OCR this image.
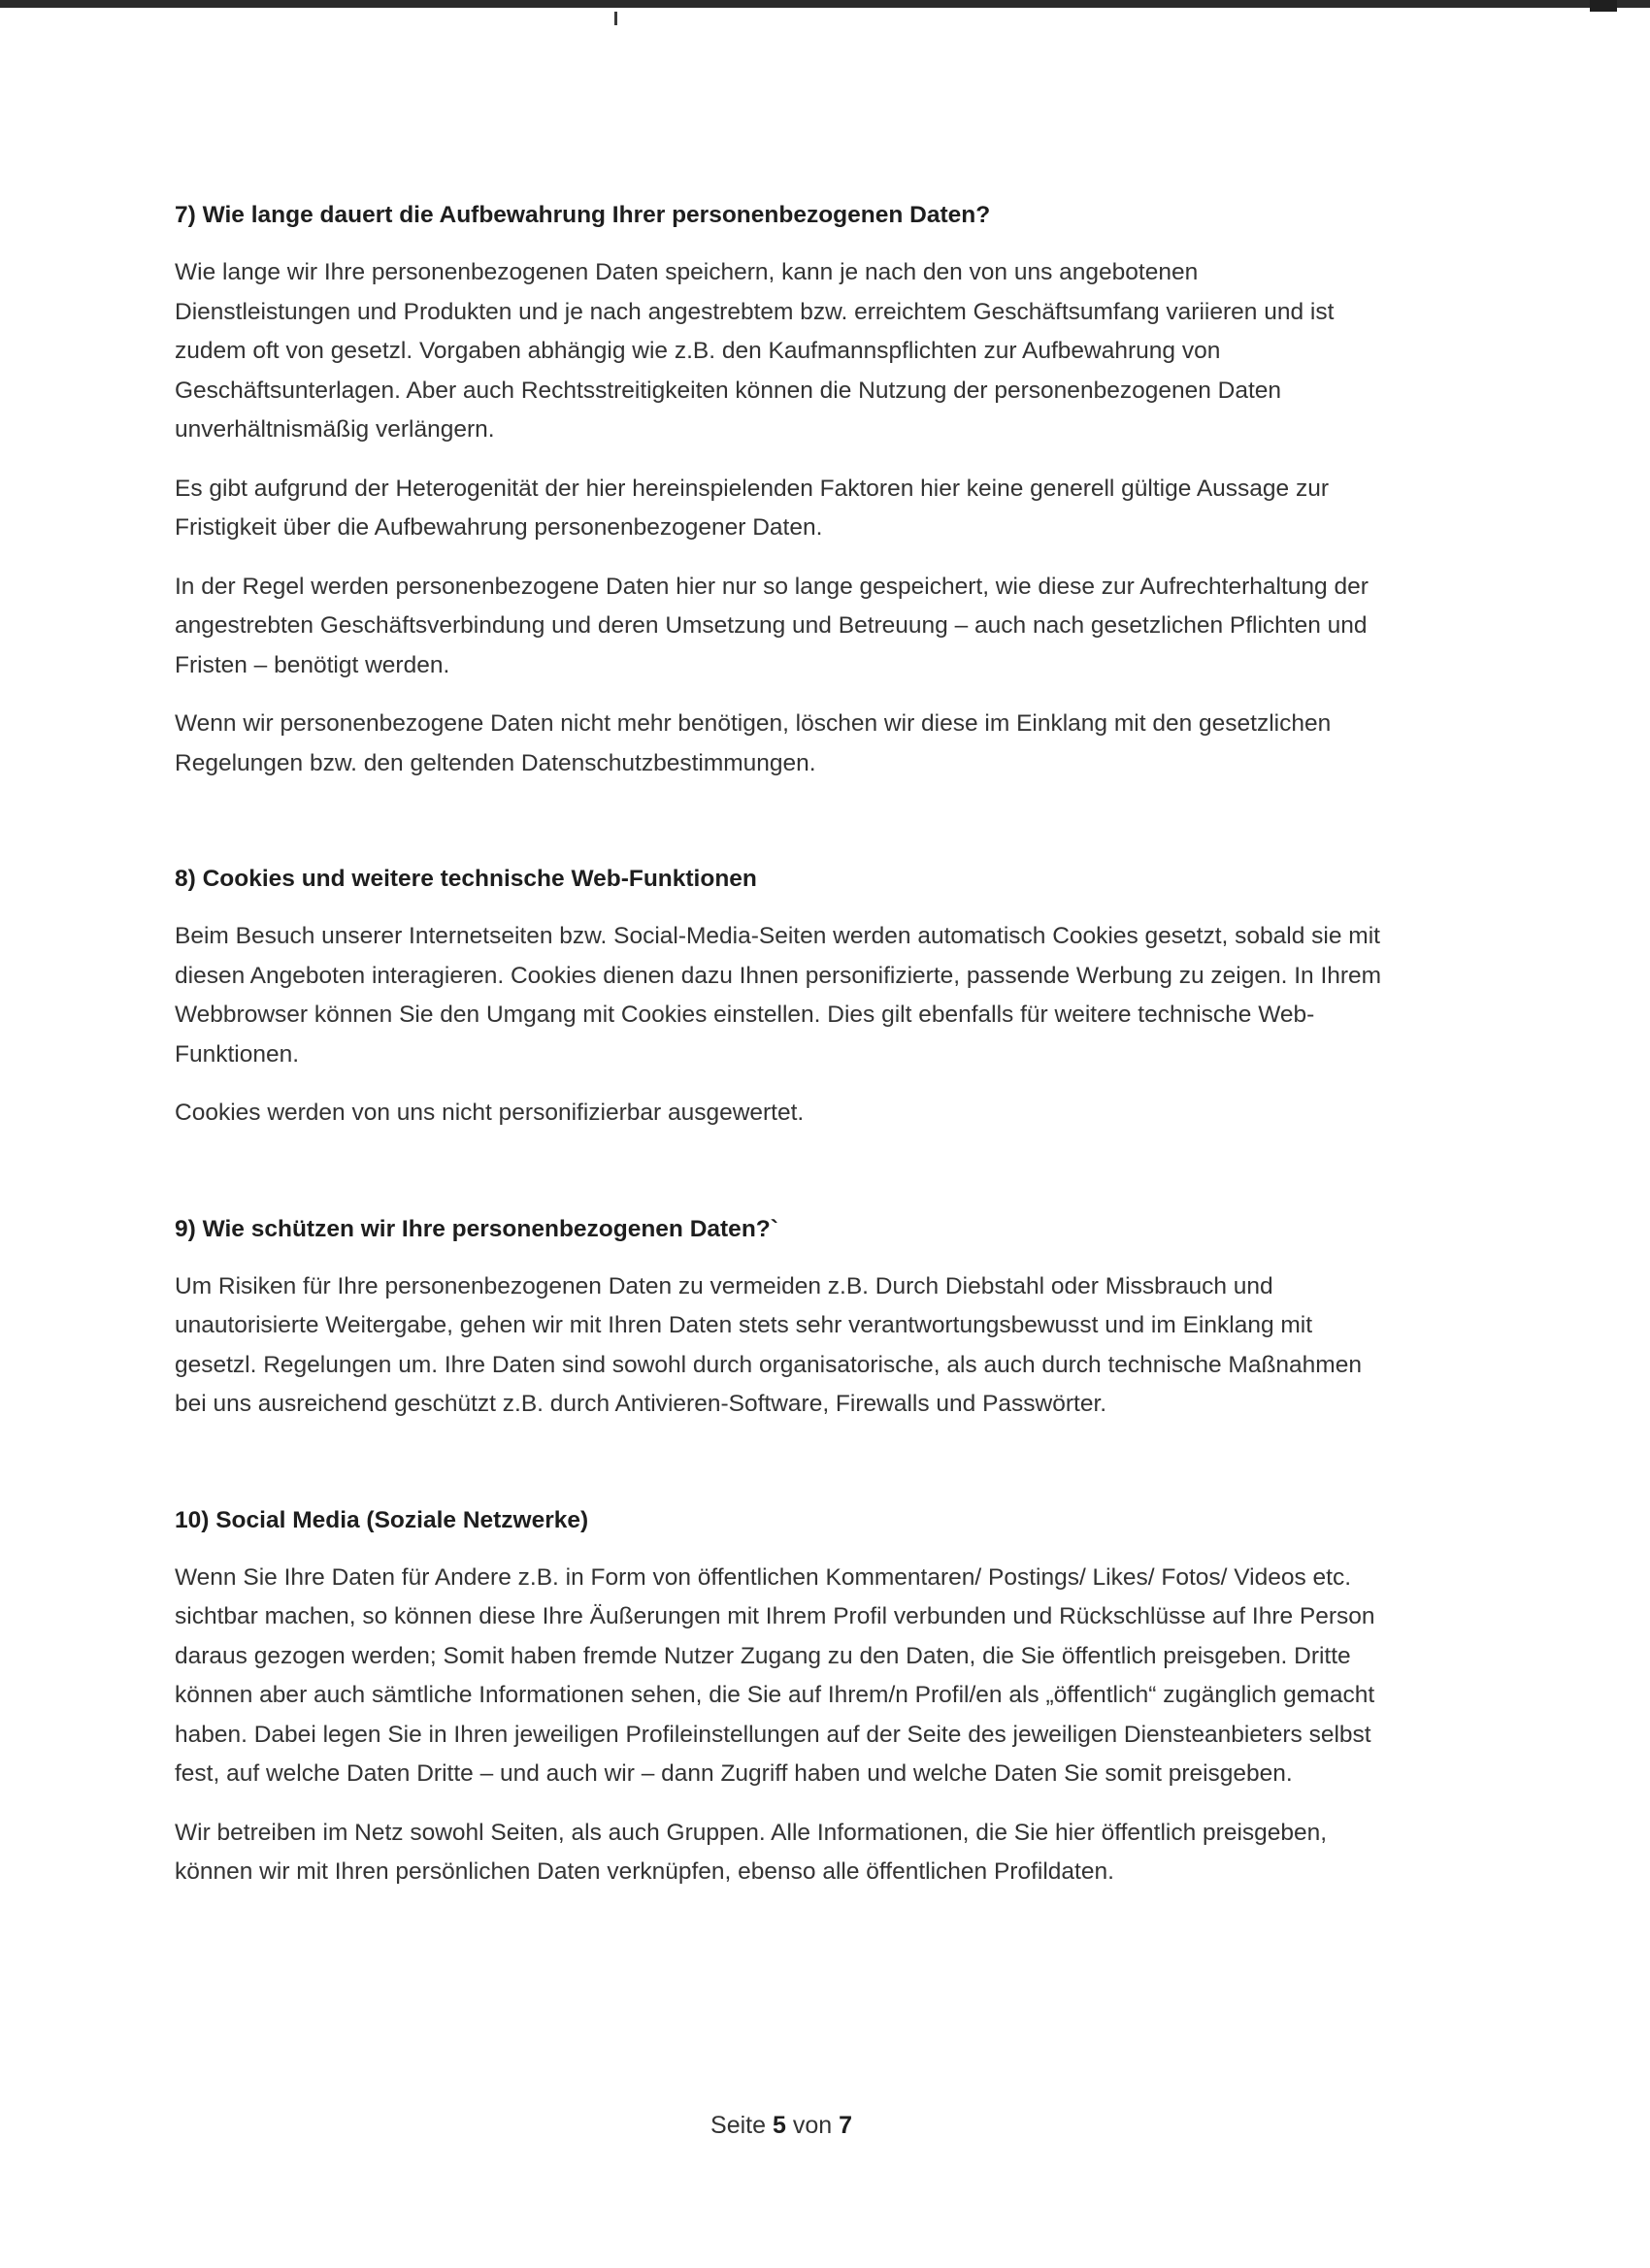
7) Wie lange dauert die Aufbewahrung Ihrer personenbezogenen Daten?

Wie lange wir Ihre personenbezogenen Daten speichern, kann je nach den von uns angebotenen Dienstleistungen und Produkten und je nach angestrebtem bzw. erreichtem Geschäftsumfang variieren und ist zudem oft von gesetzl. Vorgaben abhängig wie z.B. den Kaufmannspflichten zur Aufbewahrung von Geschäftsunterlagen. Aber auch Rechtsstreitigkeiten können die Nutzung der personenbezogenen Daten unverhältnismäßig verlängern.

Es gibt aufgrund der Heterogenität der hier hereinspielenden Faktoren hier keine generell gültige Aussage zur Fristigkeit über die Aufbewahrung personenbezogener Daten.

In der Regel werden personenbezogene Daten hier nur so lange gespeichert, wie diese zur Aufrechterhaltung der angestrebten Geschäftsverbindung und deren Umsetzung und Betreuung – auch nach gesetzlichen Pflichten und Fristen – benötigt werden.

Wenn wir personenbezogene Daten nicht mehr benötigen, löschen wir diese im Einklang mit den gesetzlichen Regelungen bzw. den geltenden Datenschutzbestimmungen.

8) Cookies und weitere technische Web-Funktionen

Beim Besuch unserer Internetseiten bzw. Social-Media-Seiten werden automatisch Cookies gesetzt, sobald sie mit diesen Angeboten interagieren. Cookies dienen dazu Ihnen personifizierte, passende Werbung zu zeigen. In Ihrem Webbrowser können Sie den Umgang mit Cookies einstellen. Dies gilt ebenfalls für weitere technische Web-Funktionen.

Cookies werden von uns nicht personifizierbar ausgewertet.

9) Wie schützen wir Ihre personenbezogenen Daten?`

Um Risiken für Ihre personenbezogenen Daten zu vermeiden z.B. Durch Diebstahl oder Missbrauch und unautorisierte Weitergabe, gehen wir mit Ihren Daten stets sehr verantwortungsbewusst und im Einklang mit gesetzl. Regelungen um. Ihre Daten sind sowohl durch organisatorische, als auch durch technische Maßnahmen bei uns ausreichend geschützt z.B. durch Antivieren-Software, Firewalls und Passwörter.

10) Social Media (Soziale Netzwerke)

Wenn Sie Ihre Daten für Andere z.B. in Form von öffentlichen Kommentaren/ Postings/ Likes/ Fotos/ Videos etc. sichtbar machen, so können diese Ihre Äußerungen mit Ihrem Profil verbunden und Rückschlüsse auf Ihre Person daraus gezogen werden; Somit haben fremde Nutzer Zugang zu den Daten, die Sie öffentlich preisgeben. Dritte können aber auch sämtliche Informationen sehen, die Sie auf Ihrem/n Profil/en als „öffentlich“ zugänglich gemacht haben. Dabei legen Sie in Ihren jeweiligen Profileinstellungen auf der Seite des jeweiligen Diensteanbieters selbst fest, auf welche Daten Dritte – und auch wir – dann Zugriff haben und welche Daten Sie somit preisgeben.

Wir betreiben im Netz sowohl Seiten, als auch Gruppen. Alle Informationen, die Sie hier öffentlich preisgeben, können wir mit Ihren persönlichen Daten verknüpfen, ebenso alle öffentlichen Profildaten.

Seite 5 von 7
